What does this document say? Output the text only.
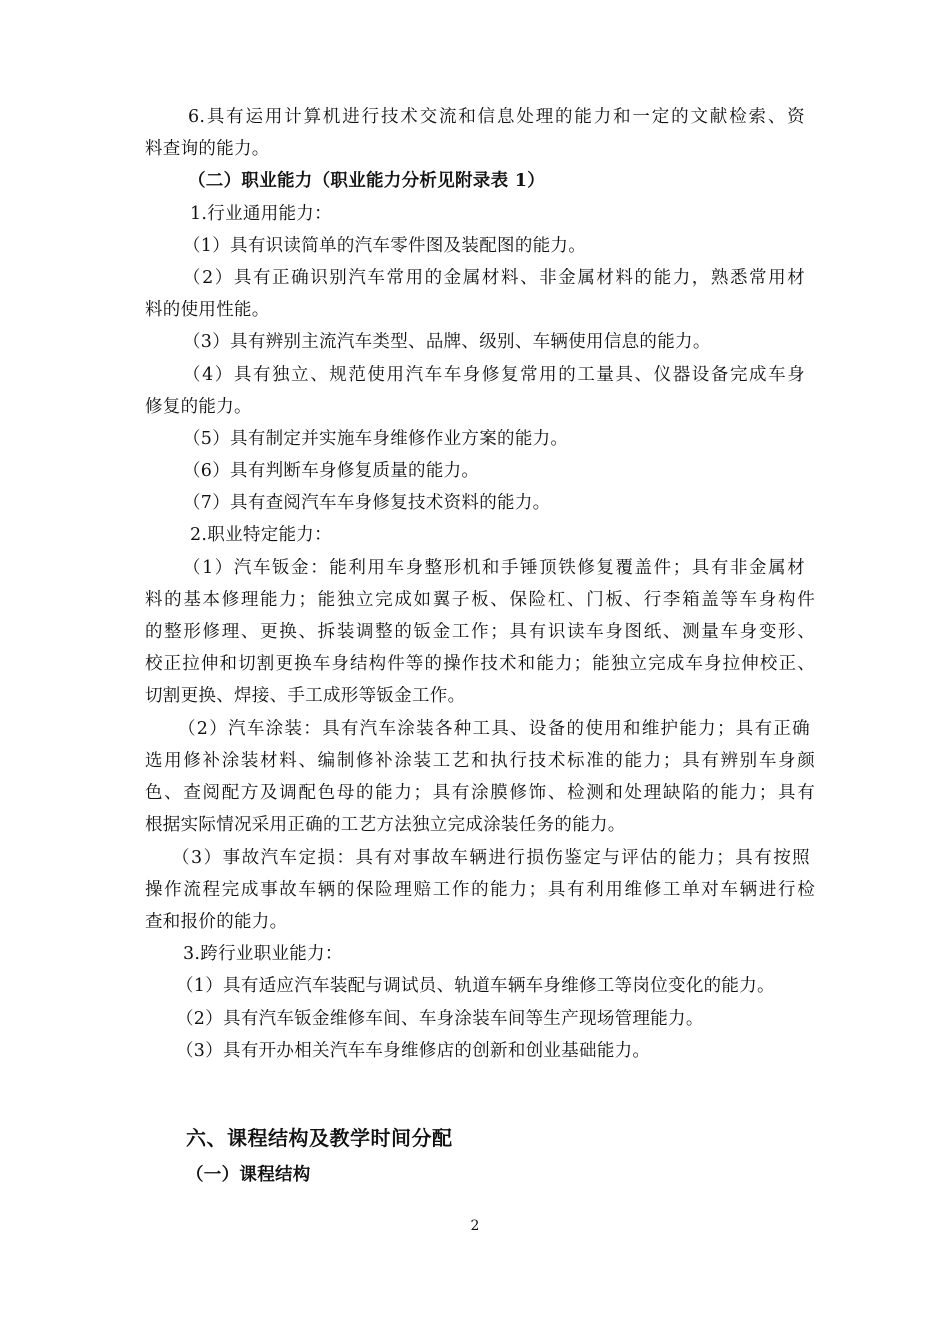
6.具有运用计算机进行技术交流和信息处理的能力和一定的文献检索、资
料查询的能力。
（二）职业能力（职业能力分析见附录表 1）
1.行业通用能力：
（1）具有识读简单的汽车零件图及装配图的能力。
（2）具有正确识别汽车常用的金属材料、非金属材料的能力，熟悉常用材
料的使用性能。
（3）具有辨别主流汽车类型、品牌、级别、车辆使用信息的能力。
（4）具有独立、规范使用汽车车身修复常用的工量具、仪器设备完成车身
修复的能力。
（5）具有制定并实施车身维修作业方案的能力。
（6）具有判断车身修复质量的能力。
（7）具有查阅汽车车身修复技术资料的能力。
2.职业特定能力：
（1）汽车钣金：能利用车身整形机和手锤顶铁修复覆盖件；具有非金属材
料的基本修理能力；能独立完成如翼子板、保险杠、门板、行李箱盖等车身构件
的整形修理、更换、拆装调整的钣金工作；具有识读车身图纸、测量车身变形、
校正拉伸和切割更换车身结构件等的操作技术和能力；能独立完成车身拉伸校正、
切割更换、焊接、手工成形等钣金工作。
（2）汽车涂装：具有汽车涂装各种工具、设备的使用和维护能力；具有正确
选用修补涂装材料、编制修补涂装工艺和执行技术标准的能力；具有辨别车身颜
色、查阅配方及调配色母的能力；具有涂膜修饰、检测和处理缺陷的能力；具有
根据实际情况采用正确的工艺方法独立完成涂装任务的能力。
（3）事故汽车定损：具有对事故车辆进行损伤鉴定与评估的能力；具有按照
操作流程完成事故车辆的保险理赔工作的能力；具有利用维修工单对车辆进行检
查和报价的能力。
3.跨行业职业能力：
（1）具有适应汽车装配与调试员、轨道车辆车身维修工等岗位变化的能力。
（2）具有汽车钣金维修车间、车身涂装车间等生产现场管理能力。
（3）具有开办相关汽车车身维修店的创新和创业基础能力。
六、课程结构及教学时间分配
（一）课程结构
2
